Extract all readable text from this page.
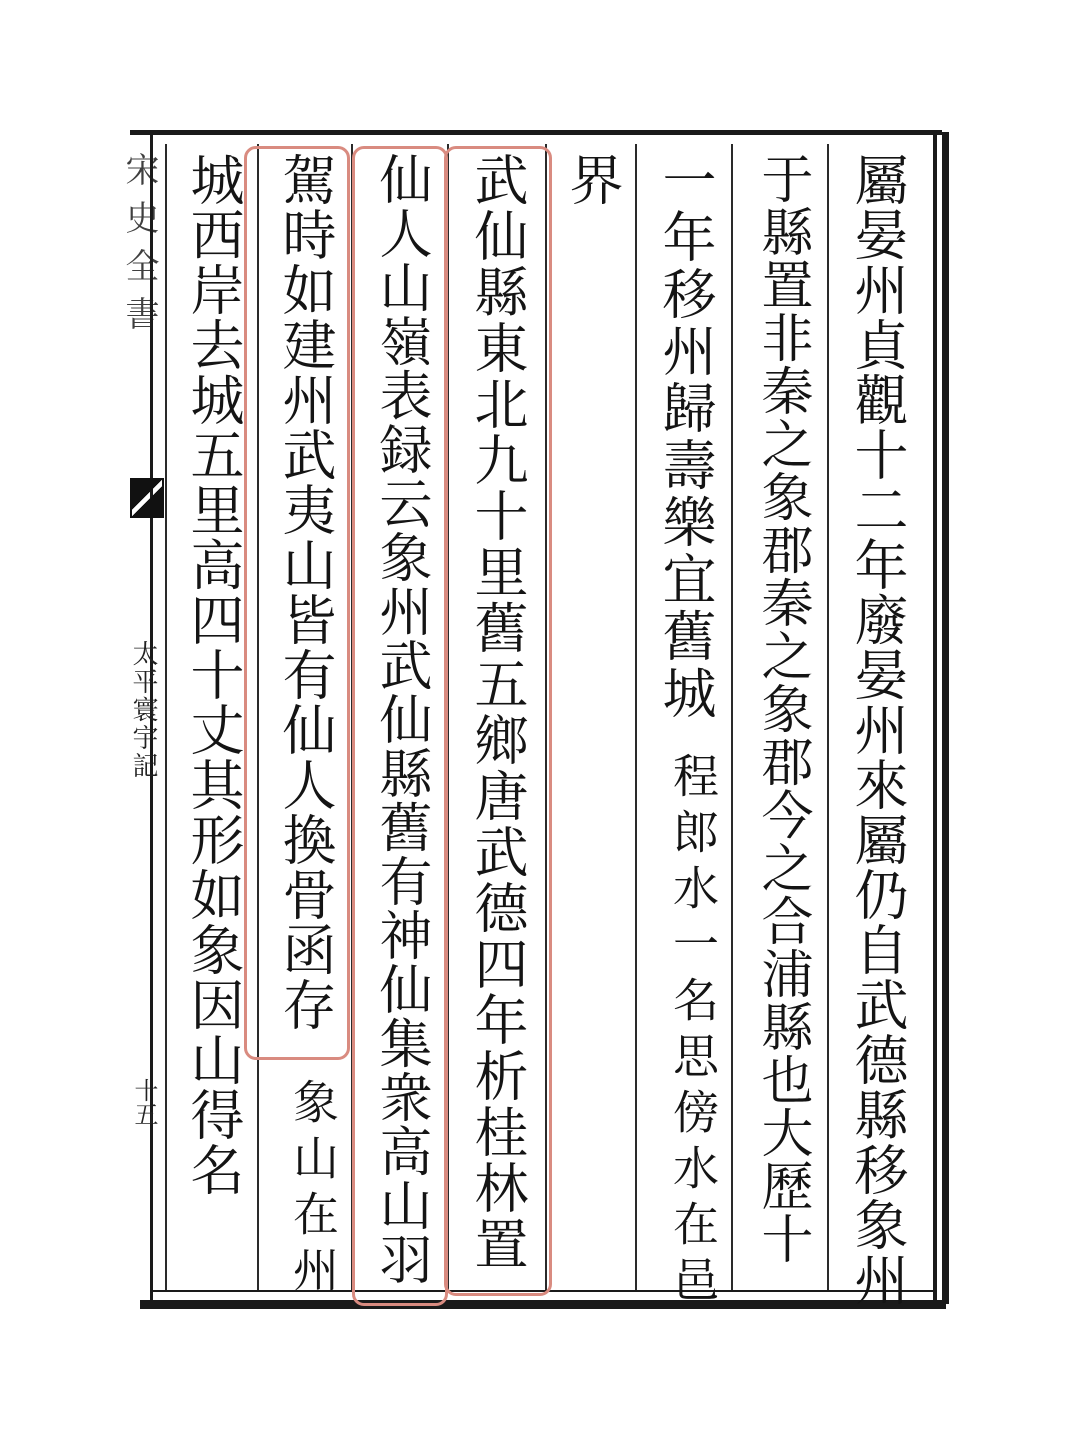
宋史全書
太平寰宇記
十五	屬晏州貞觀十二年廢晏州來屬仍自武德縣移象州
于縣置非秦之象郡秦之象郡今之合浦縣也大歷十
一年移州歸壽樂宜舊城
程郎水一名思傍水在邑
界
武仙縣東北九十里舊五鄉唐武德四年析桂林置
仙人山嶺表録云象州武仙縣舊有神仙集衆高山羽
駕時如建州武夷山皆有仙人換骨函存
象山在州
城西岸去城五里高四十丈其形如象因山得名
